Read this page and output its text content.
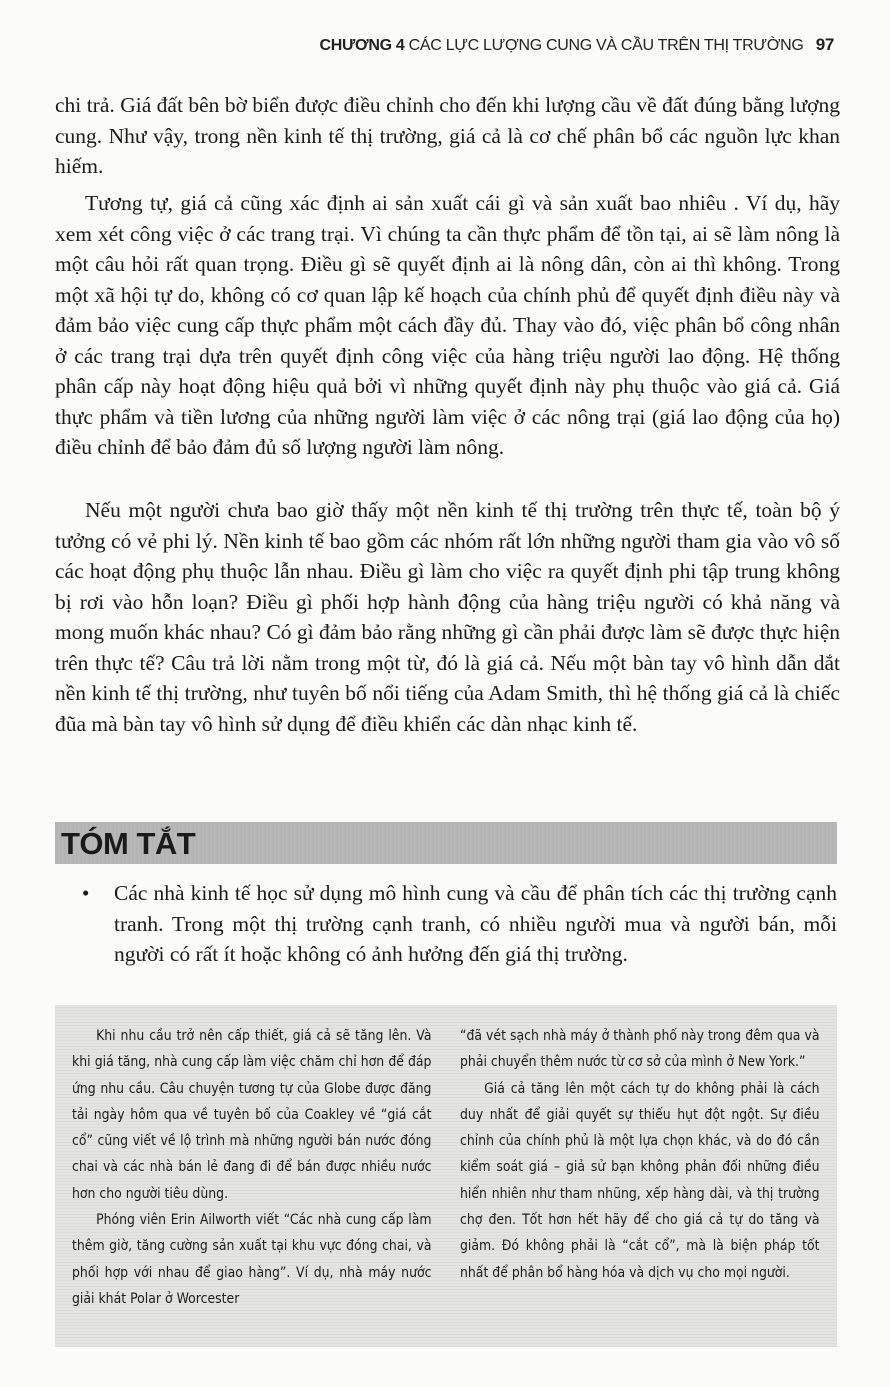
CHƯƠNG 4 CÁC LỰC LƯỢNG CUNG VÀ CẦU TRÊN THỊ TRƯỜNG 97

chi trả. Giá đất bên bờ biển được điều chỉnh cho đến khi lượng cầu về đất đúng bằng lượng cung. Như vậy, trong nền kinh tế thị trường, giá cả là cơ chế phân bổ các nguồn lực khan hiếm.

Tương tự, giá cả cũng xác định ai sản xuất cái gì và sản xuất bao nhiêu . Ví dụ, hãy xem xét công việc ở các trang trại. Vì chúng ta cần thực phẩm để tồn tại, ai sẽ làm nông là một câu hỏi rất quan trọng. Điều gì sẽ quyết định ai là nông dân, còn ai thì không. Trong một xã hội tự do, không có cơ quan lập kế hoạch của chính phủ để quyết định điều này và đảm bảo việc cung cấp thực phẩm một cách đầy đủ. Thay vào đó, việc phân bổ công nhân ở các trang trại dựa trên quyết định công việc của hàng triệu người lao động. Hệ thống phân cấp này hoạt động hiệu quả bởi vì những quyết định này phụ thuộc vào giá cả. Giá thực phẩm và tiền lương của những người làm việc ở các nông trại (giá lao động của họ) điều chỉnh để bảo đảm đủ số lượng người làm nông.

Nếu một người chưa bao giờ thấy một nền kinh tế thị trường trên thực tế, toàn bộ ý tưởng có vẻ phi lý. Nền kinh tế bao gồm các nhóm rất lớn những người tham gia vào vô số các hoạt động phụ thuộc lẫn nhau. Điều gì làm cho việc ra quyết định phi tập trung không bị rơi vào hỗn loạn? Điều gì phối hợp hành động của hàng triệu người có khả năng và mong muốn khác nhau? Có gì đảm bảo rằng những gì cần phải được làm sẽ được thực hiện trên thực tế? Câu trả lời nằm trong một từ, đó là giá cả. Nếu một bàn tay vô hình dẫn dắt nền kinh tế thị trường, như tuyên bố nổi tiếng của Adam Smith, thì hệ thống giá cả là chiếc đũa mà bàn tay vô hình sử dụng để điều khiển các dàn nhạc kinh tế.

TÓM TẮT
• Các nhà kinh tế học sử dụng mô hình cung và cầu để phân tích các thị trường cạnh tranh. Trong một thị trường cạnh tranh, có nhiều người mua và người bán, mỗi người có rất ít hoặc không có ảnh hưởng đến giá thị trường.

Khi nhu cầu trở nên cấp thiết, giá cả sẽ tăng lên. Và khi giá tăng, nhà cung cấp làm việc chăm chỉ hơn để đáp ứng nhu cầu. Câu chuyện tương tự của Globe được đăng tải ngày hôm qua về tuyên bố của Coakley về “giá cắt cổ” cũng viết về lộ trình mà những người bán nước đóng chai và các nhà bán lẻ đang đi để bán được nhiều nước hơn cho người tiêu dùng.

Phóng viên Erin Ailworth viết “Các nhà cung cấp làm thêm giờ, tăng cường sản xuất tại khu vực đóng chai, và phối hợp với nhau để giao hàng”. Ví dụ, nhà máy nước giải khát Polar ở Worcester

“đã vét sạch nhà máy ở thành phố này trong đêm qua và phải chuyển thêm nước từ cơ sở của mình ở New York.”

Giá cả tăng lên một cách tự do không phải là cách duy nhất để giải quyết sự thiếu hụt đột ngột. Sự điều chỉnh của chính phủ là một lựa chọn khác, và do đó cần kiểm soát giá – giả sử bạn không phản đối những điều hiển nhiên như tham nhũng, xếp hàng dài, và thị trường chợ đen. Tốt hơn hết hãy để cho giá cả tự do tăng và giảm. Đó không phải là “cắt cổ”, mà là biện pháp tốt nhất để phân bổ hàng hóa và dịch vụ cho mọi người.
